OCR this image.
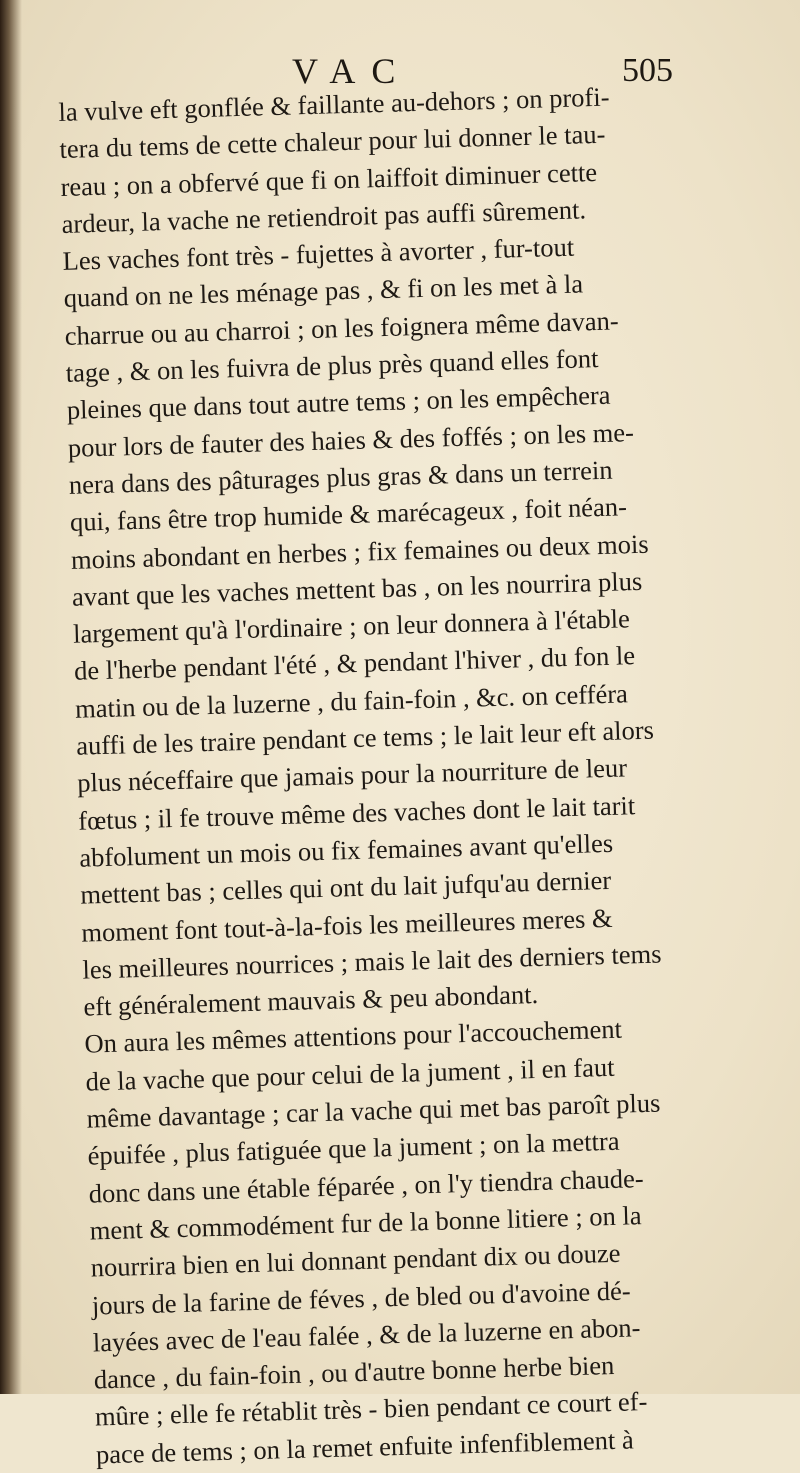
VAC	505
la vulve eft gonflée & faillante au-dehors ; on profi-
tera du tems de cette chaleur pour lui donner le tau-
reau ; on a obfervé que fi on laiffoit diminuer cette
ardeur, la vache ne retiendroit pas auffi sûrement.
Les vaches font très - fujettes à avorter , fur-tout
quand on ne les ménage pas , & fi on les met à la
charrue ou au charroi ; on les foignera même davan-
tage , & on les fuivra de plus près quand elles font
pleines que dans tout autre tems ; on les empêchera
pour lors de fauter des haies & des foffés ; on les me-
nera dans des pâturages plus gras & dans un terrein
qui, fans être trop humide & marécageux , foit néan-
moins abondant en herbes ; fix femaines ou deux mois
avant que les vaches mettent bas , on les nourrira plus
largement qu'à l'ordinaire ; on leur donnera à l'étable
de l'herbe pendant l'été , & pendant l'hiver , du fon le
matin ou de la luzerne , du fain-foin , &c. on cefféra
auffi de les traire pendant ce tems ; le lait leur eft alors
plus néceffaire que jamais pour la nourriture de leur
fœtus ; il fe trouve même des vaches dont le lait tarit
abfolument un mois ou fix femaines avant qu'elles
mettent bas ; celles qui ont du lait jufqu'au dernier
moment font tout-à-la-fois les meilleures meres &
les meilleures nourrices ; mais le lait des derniers tems
eft généralement mauvais & peu abondant.
On aura les mêmes attentions pour l'accouchement
de la vache que pour celui de la jument , il en faut
même davantage ; car la vache qui met bas paroît plus
épuifée , plus fatiguée que la jument ; on la mettra
donc dans une étable féparée , on l'y tiendra chaude-
ment & commodément fur de la bonne litiere ; on la
nourrira bien en lui donnant pendant dix ou douze
jours de la farine de féves , de bled ou d'avoine dé-
layées avec de l'eau falée , & de la luzerne en abon-
dance , du fain-foin , ou d'autre bonne herbe bien
mûre ; elle fe rétablit très - bien pendant ce court ef-
pace de tems ; on la remet enfuite infenfiblement à
